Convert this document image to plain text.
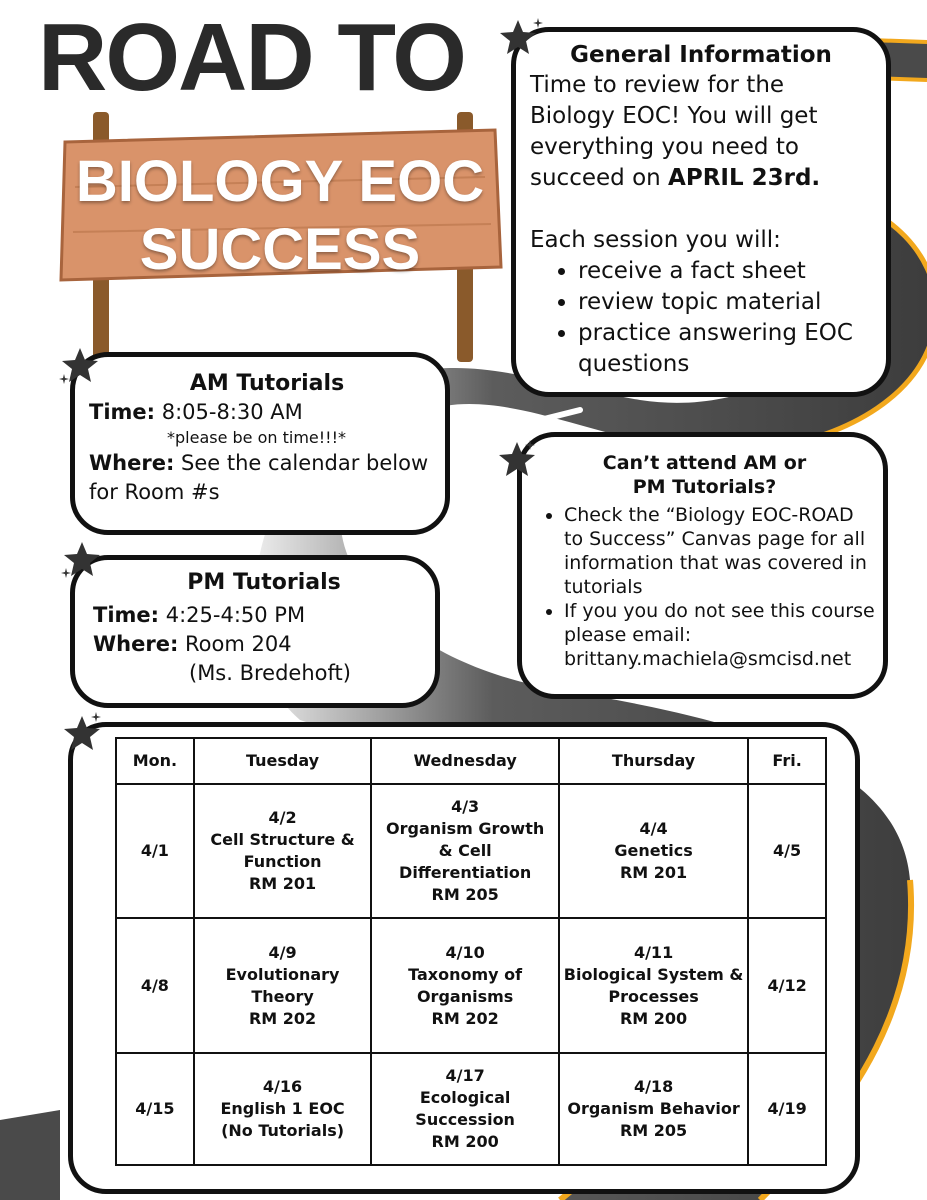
ROAD TO
BIOLOGY EOC
SUCCESS
General Information

Time to review for the Biology EOC! You will get everything you need to succeed on APRIL 23rd.

Each session you will:

• receive a fact sheet
• review topic material
• practice answering EOC questions
AM Tutorials
Time: 8:05-8:30 AM
*please be on time!!!*
Where: See the calendar below for Room #s
PM Tutorials
Time: 4:25-4:50 PM
Where: Room 204
(Ms. Bredehoft)
Can’t attend AM or
PM Tutorials?
• Check the “Biology EOC-ROAD to Success” Canvas page for all information that was covered in tutorials
• If you you do not see this course please email: brittany.machiela@smcisd.net
Mon.	Tuesday	Wednesday	Thursday	Fri.

4/1	4/2
Cell Structure &
Function
RM 201	4/3
Organism Growth
& Cell
Differentiation
RM 205	4/4
Genetics
RM 201	4/5

4/8	4/9
Evolutionary
Theory
RM 202	4/10
Taxonomy of
Organisms
RM 202	4/11
Biological System &
Processes
RM 200	4/12

4/15	4/16
English 1 EOC
(No Tutorials)	4/17
Ecological
Succession
RM 200	4/18
Organism Behavior
RM 205	4/19
